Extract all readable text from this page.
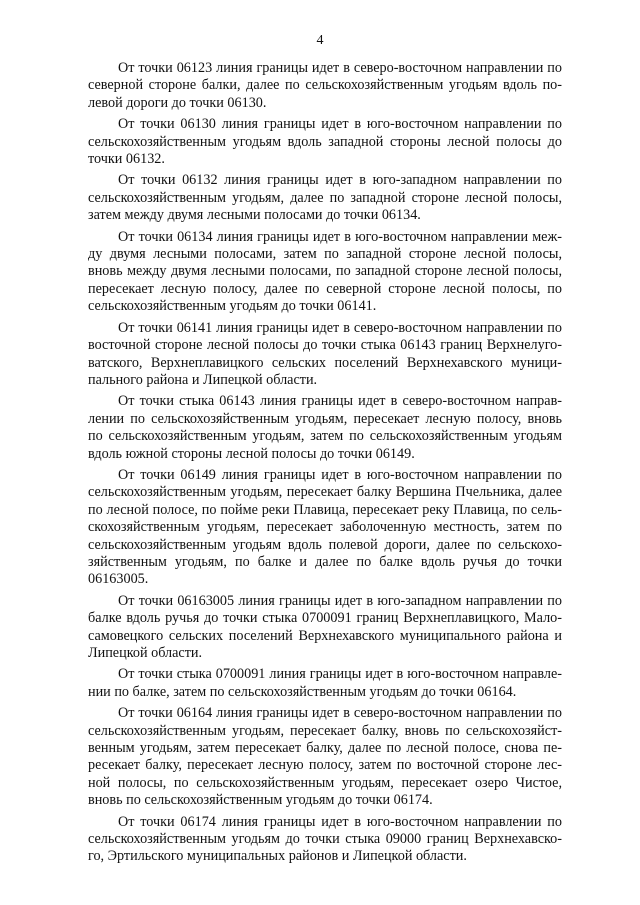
4
От точки 06123 линия границы идет в северо-восточном направлении по
северной стороне балки, далее по сельскохозяйственным угодьям вдоль по-
левой дороги до точки 06130.
От точки 06130 линия границы идет в юго-восточном направлении по
сельскохозяйственным угодьям вдоль западной стороны лесной полосы до
точки 06132.
От точки 06132 линия границы идет в юго-западном направлении по
сельскохозяйственным угодьям, далее по западной стороне лесной полосы,
затем между двумя лесными полосами до точки 06134.
От точки 06134 линия границы идет в юго-восточном направлении меж-
ду двумя лесными полосами, затем по западной стороне лесной полосы,
вновь между двумя лесными полосами, по западной стороне лесной полосы,
пересекает лесную полосу, далее по северной стороне лесной полосы, по
сельскохозяйственным угодьям до точки 06141.
От точки 06141 линия границы идет в северо-восточном направлении по
восточной стороне лесной полосы до точки стыка 06143 границ Верхнелуго-
ватского, Верхнеплавицкого сельских поселений Верхнехавского муници-
пального района и Липецкой области.
От точки стыка 06143 линия границы идет в северо-восточном направ-
лении по сельскохозяйственным угодьям, пересекает лесную полосу, вновь
по сельскохозяйственным угодьям, затем по сельскохозяйственным угодьям
вдоль южной стороны лесной полосы до точки 06149.
От точки 06149 линия границы идет в юго-восточном направлении по
сельскохозяйственным угодьям, пересекает балку Вершина Пчельника, далее
по лесной полосе, по пойме реки Плавица, пересекает реку Плавица, по сель-
скохозяйственным угодьям, пересекает заболоченную местность, затем по
сельскохозяйственным угодьям вдоль полевой дороги, далее по сельскохо-
зяйственным угодьям, по балке и далее по балке вдоль ручья до точки
06163005.
От точки 06163005 линия границы идет в юго-западном направлении по
балке вдоль ручья до точки стыка 0700091 границ Верхнеплавицкого, Мало-
самовецкого сельских поселений Верхнехавского муниципального района и
Липецкой области.
От точки стыка 0700091 линия границы идет в юго-восточном направле-
нии по балке, затем по сельскохозяйственным угодьям до точки 06164.
От точки 06164 линия границы идет в северо-восточном направлении по
сельскохозяйственным угодьям, пересекает балку, вновь по сельскохозяйст-
венным угодьям, затем пересекает балку, далее по лесной полосе, снова пе-
ресекает балку, пересекает лесную полосу, затем по восточной стороне лес-
ной полосы, по сельскохозяйственным угодьям, пересекает озеро Чистое,
вновь по сельскохозяйственным угодьям до точки 06174.
От точки 06174 линия границы идет в юго-восточном направлении по
сельскохозяйственным угодьям до точки стыка 09000 границ Верхнехавско-
го, Эртильского муниципальных районов и Липецкой области.
